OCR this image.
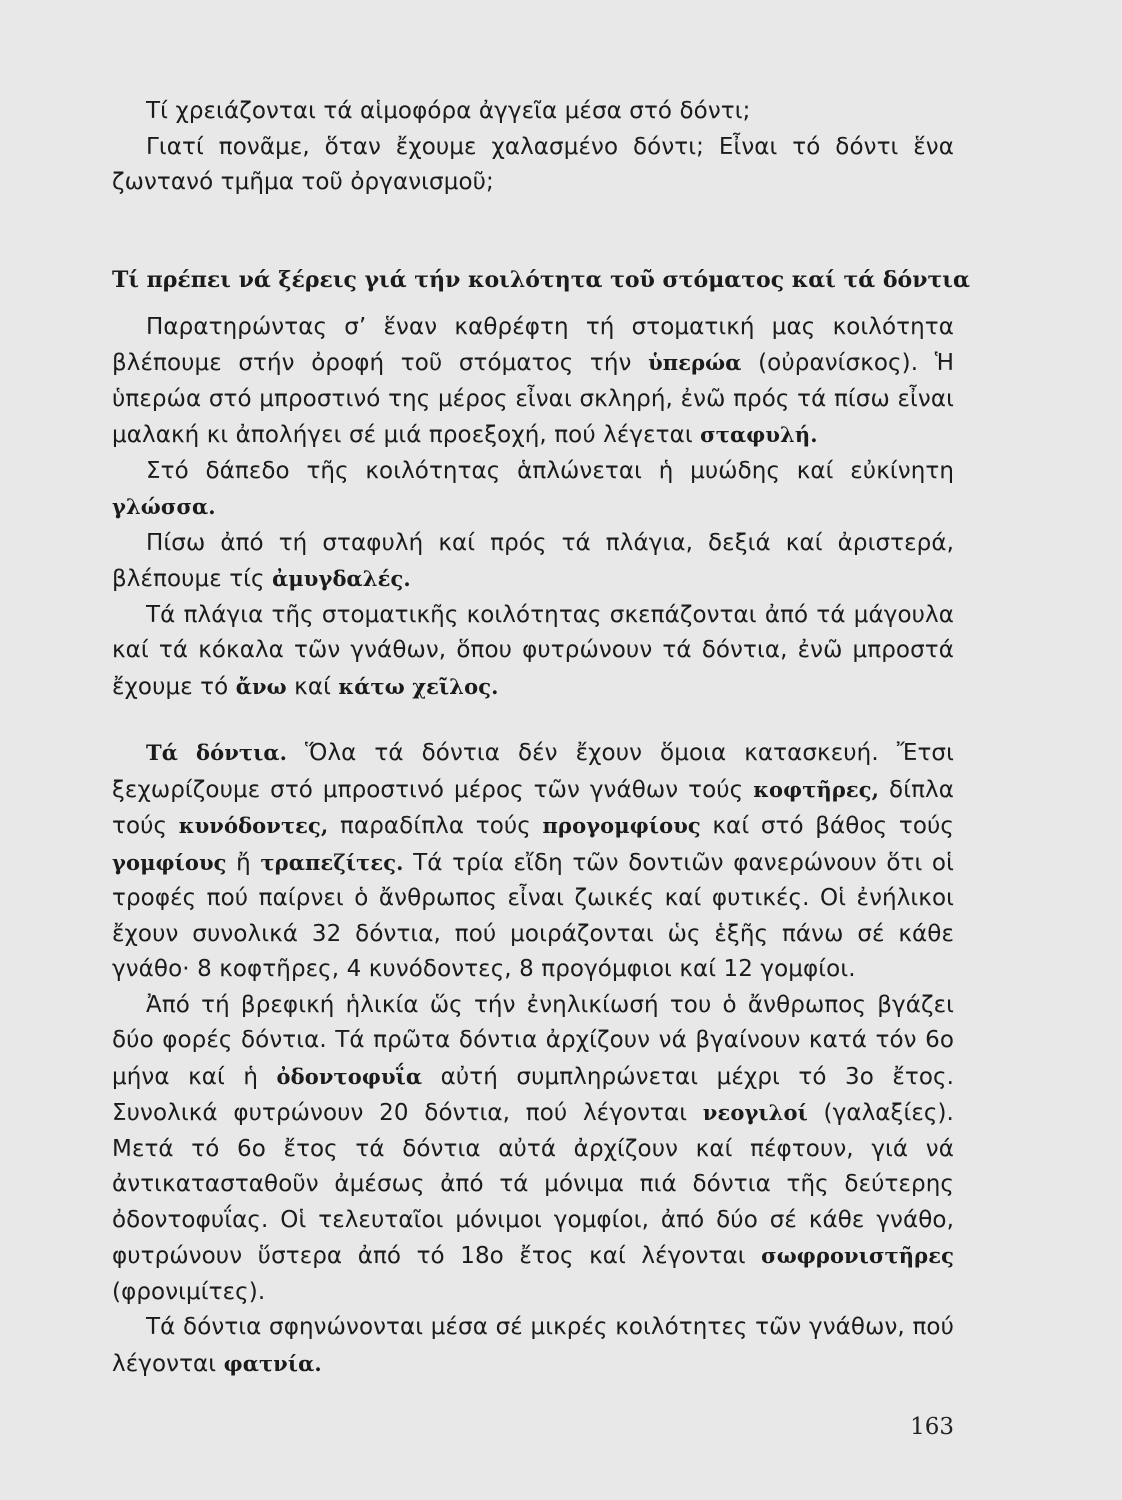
Τί χρειάζονται τά αἱμοφόρα ἀγγεῖα μέσα στό δόντι;

Γιατί πονᾶμε, ὅταν ἔχουμε χαλασμένο δόντι; Εἶναι τό δόντι ἕνα ζωντανό τμῆμα τοῦ ὀργανισμοῦ;

Τί πρέπει νά ξέρεις γιά τήν κοιλότητα τοῦ στόματος καί τά δόντια

Παρατηρώντας σ’ ἕναν καθρέφτη τή στοματική μας κοιλότητα βλέπουμε στήν ὀροφή τοῦ στόματος τήν ὑπερώα (οὐρανίσκος). Ἡ ὑπερώα στό μπροστινό της μέρος εἶναι σκληρή, ἐνῶ πρός τά πίσω εἶναι μαλακή κι ἀπολήγει σέ μιά προεξοχή, πού λέγεται σταφυλή.

Στό δάπεδο τῆς κοιλότητας ἁπλώνεται ἡ μυώδης καί εὐκίνητη γλώσσα.

Πίσω ἀπό τή σταφυλή καί πρός τά πλάγια, δεξιά καί ἀριστερά, βλέπουμε τίς ἀμυγδαλές.

Τά πλάγια τῆς στοματικῆς κοιλότητας σκεπάζονται ἀπό τά μάγουλα καί τά κόκαλα τῶν γνάθων, ὅπου φυτρώνουν τά δόντια, ἐνῶ μπροστά ἔχουμε τό ἄνω καί κάτω χεῖλος.

Τά δόντια. Ὅλα τά δόντια δέν ἔχουν ὅμοια κατασκευή. Ἔτσι ξεχωρίζουμε στό μπροστινό μέρος τῶν γνάθων τούς κοφτῆρες, δίπλα τούς κυνόδοντες, παραδίπλα τούς προγομφίους καί στό βάθος τούς γομφίους ἤ τραπεζίτες. Τά τρία εἴδη τῶν δοντιῶν φανερώνουν ὅτι οἱ τροφές πού παίρνει ὁ ἄνθρωπος εἶναι ζωικές καί φυτικές. Οἱ ἐνήλικοι ἔχουν συνολικά 32 δόντια, πού μοιράζονται ὡς ἑξῆς πάνω σέ κάθε γνάθο· 8 κοφτῆρες, 4 κυνόδοντες, 8 προγόμφιοι καί 12 γομφίοι.

Ἀπό τή βρεφική ἡλικία ὥς τήν ἐνηλικίωσή του ὁ ἄνθρωπος βγάζει δύο φορές δόντια. Τά πρῶτα δόντια ἀρχίζουν νά βγαίνουν κατά τόν 6ο μήνα καί ἡ ὀδοντοφυΐα αὐτή συμπληρώνεται μέχρι τό 3ο ἔτος. Συνολικά φυτρώνουν 20 δόντια, πού λέγονται νεογιλοί (γαλαξίες). Μετά τό 6ο ἔτος τά δόντια αὐτά ἀρχίζουν καί πέφτουν, γιά νά ἀντικατασταθοῦν ἀμέσως ἀπό τά μόνιμα πιά δόντια τῆς δεύτερης ὀδοντοφυΐας. Οἱ τελευταῖοι μόνιμοι γομφίοι, ἀπό δύο σέ κάθε γνάθο, φυτρώνουν ὕστερα ἀπό τό 18ο ἔτος καί λέγονται σωφρονιστῆρες (φρονιμίτες).

Τά δόντια σφηνώνονται μέσα σέ μικρές κοιλότητες τῶν γνάθων, πού λέγονται φατνία.

163
